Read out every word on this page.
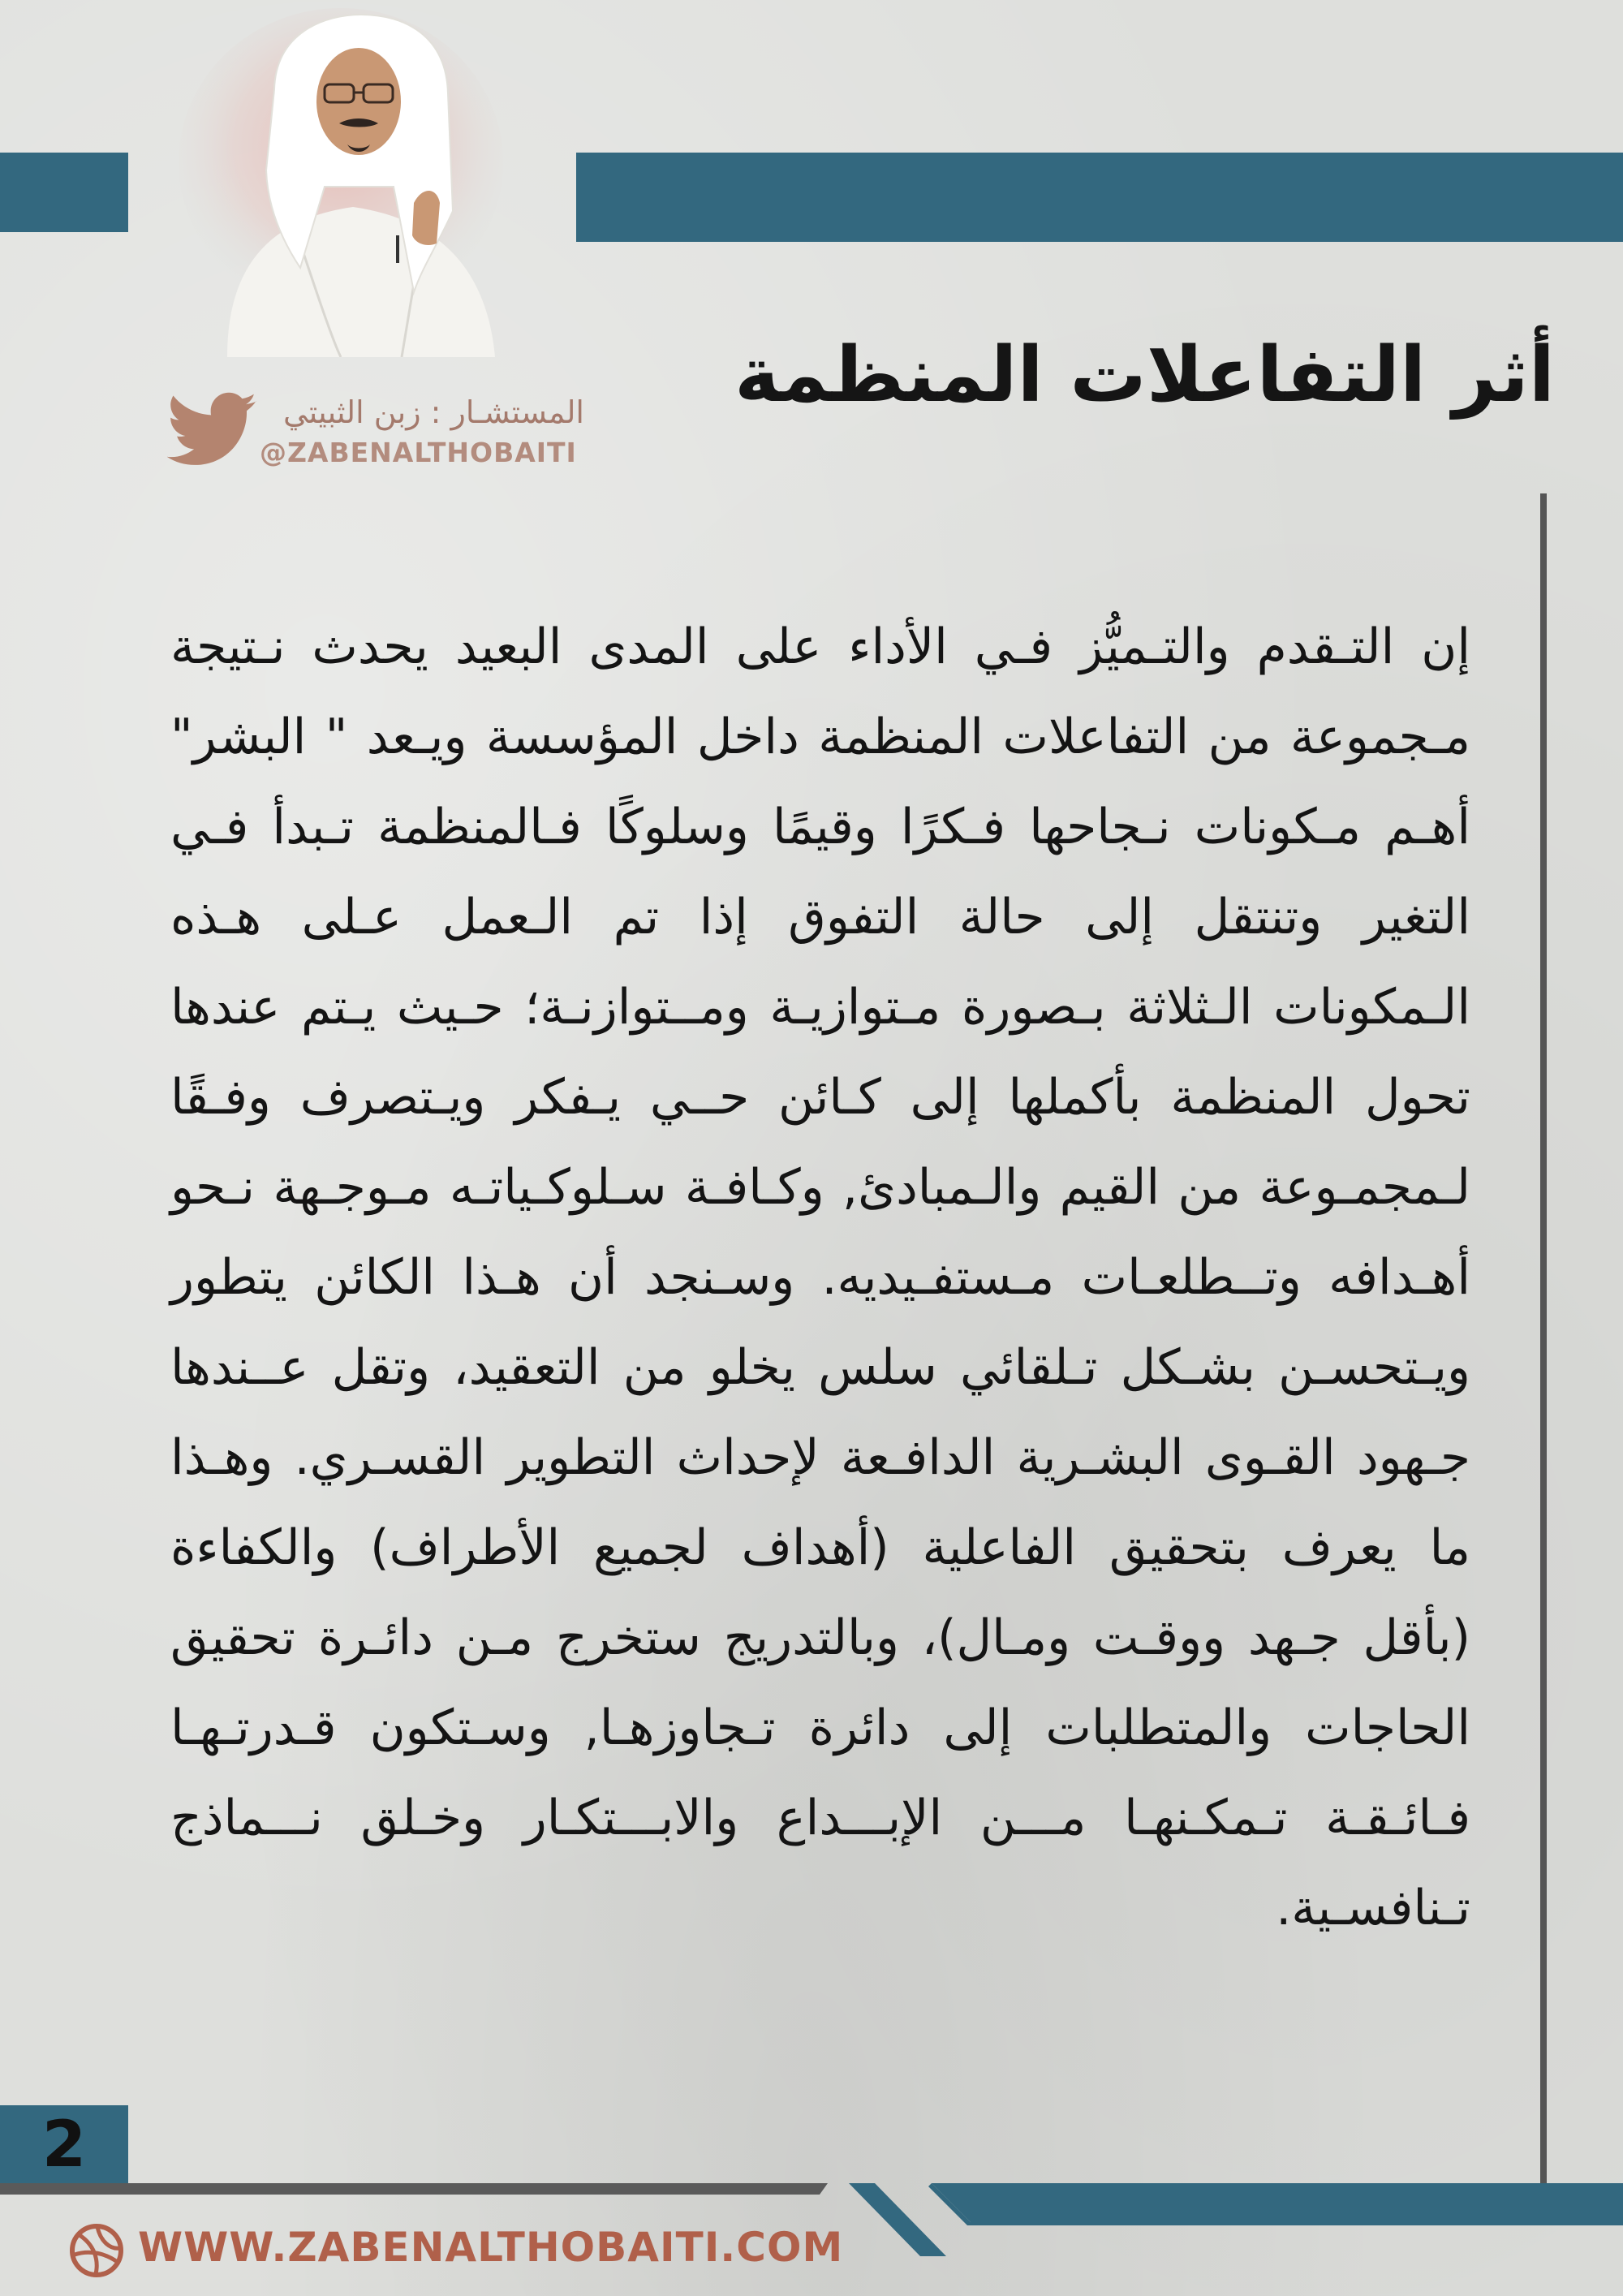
أثر التفاعلات المنظمة
المستشـار : زبن الثبيتي
@ZABENALTHOBAITI

إن التـقدم والتـميُّز فـي الأداء على المدى البعيد يحدث نـتيجة مـجموعة من التفاعلات المنظمة داخل المؤسسة ويـعد " البشر" أهـم مـكونات نـجاحها فـكرًا وقيمًا وسلوكًا فـالمنظمة تـبدأ فـي التغير وتنتقل إلى حالة التفوق إذا تم الـعمل عـلى هـذه الـمكونات الـثلاثة بـصورة مـتوازيـة ومــتوازنـة؛ حـيث يـتم عندها تحول المنظمة بأكملها إلى كـائن حــي يـفكر ويـتصرف وفـقًا لـمجمـوعة من القيم والـمبادئ, وكـافـة سـلوكـياتـه مـوجـهة نـحو أهـدافه وتــطلعـات مـستفـيديه. وسـنجد أن هـذا الكائن يتطور ويـتحسـن بشـكل تـلقائي سلس يخلو من التعقيد، وتقل عــندها جـهود القـوى البشـرية الدافـعة لإحداث التطوير القسـري. وهـذا ما يعرف بتحقيق الفاعلية (أهداف لجميع الأطراف) والكفاءة (بأقل جـهد ووقـت ومـال)، وبالتدريج ستخرج مـن دائـرة تحقيق الحاجات والمتطلبات إلى دائرة تـجاوزهـا, وسـتكون قـدرتـهـا فـائـقـة تـمكـنهـا مـــن الإبـــداع والابـــتكـار وخـلق نـــماذج تـنافسـية.

2
WWW.ZABENALTHOBAITI.COM
